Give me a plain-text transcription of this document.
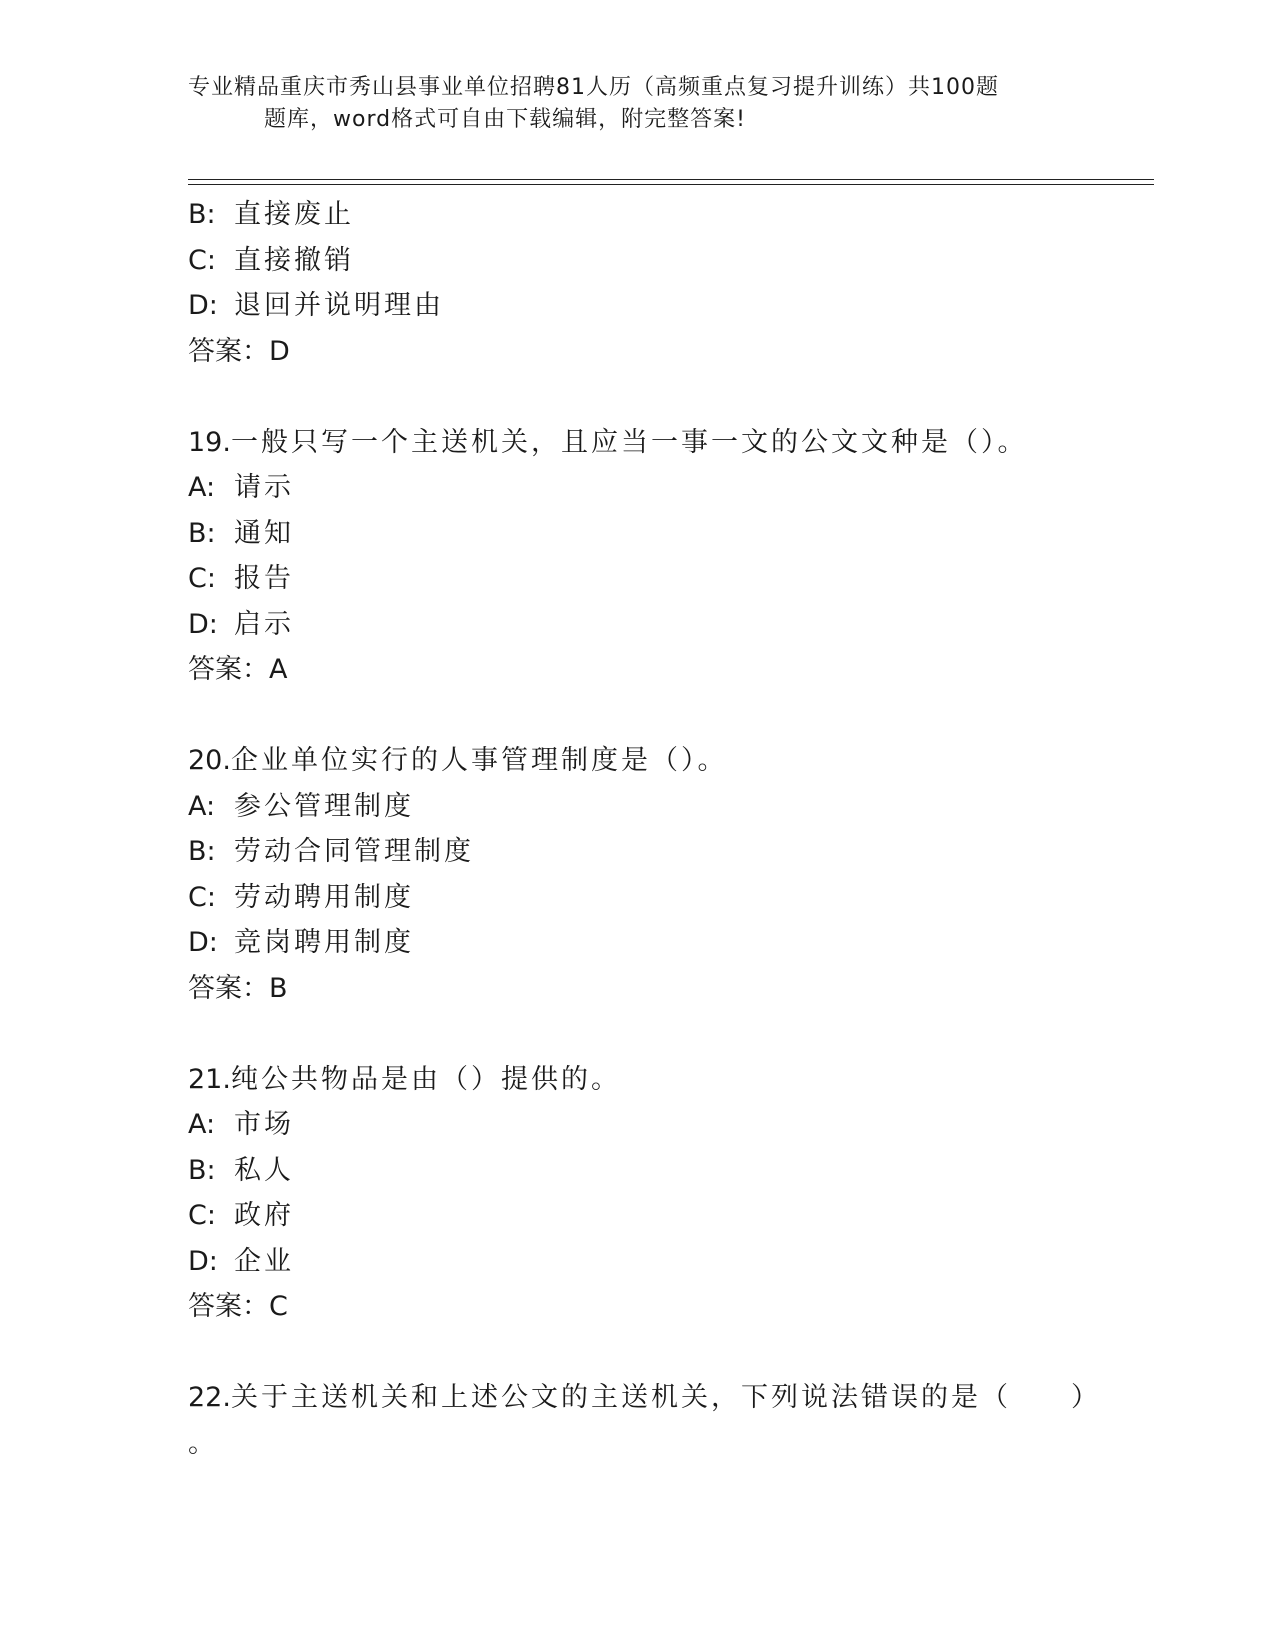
专业精品重庆市秀山县事业单位招聘81人历（高频重点复习提升训练）共100题
题库，word格式可自由下载编辑，附完整答案!
B: 直接废止
C: 直接撤销
D: 退回并说明理由
答案：D
19.一般只写一个主送机关，且应当一事一文的公文文种是（）。
A: 请示
B: 通知
C: 报告
D: 启示
答案：A
20.企业单位实行的人事管理制度是（）。
A: 参公管理制度
B: 劳动合同管理制度
C: 劳动聘用制度
D: 竞岗聘用制度
答案：B
21.纯公共物品是由（）提供的。
A: 市场
B: 私人
C: 政府
D: 企业
答案：C
22.关于主送机关和上述公文的主送机关，下列说法错误的是（　　）
。
